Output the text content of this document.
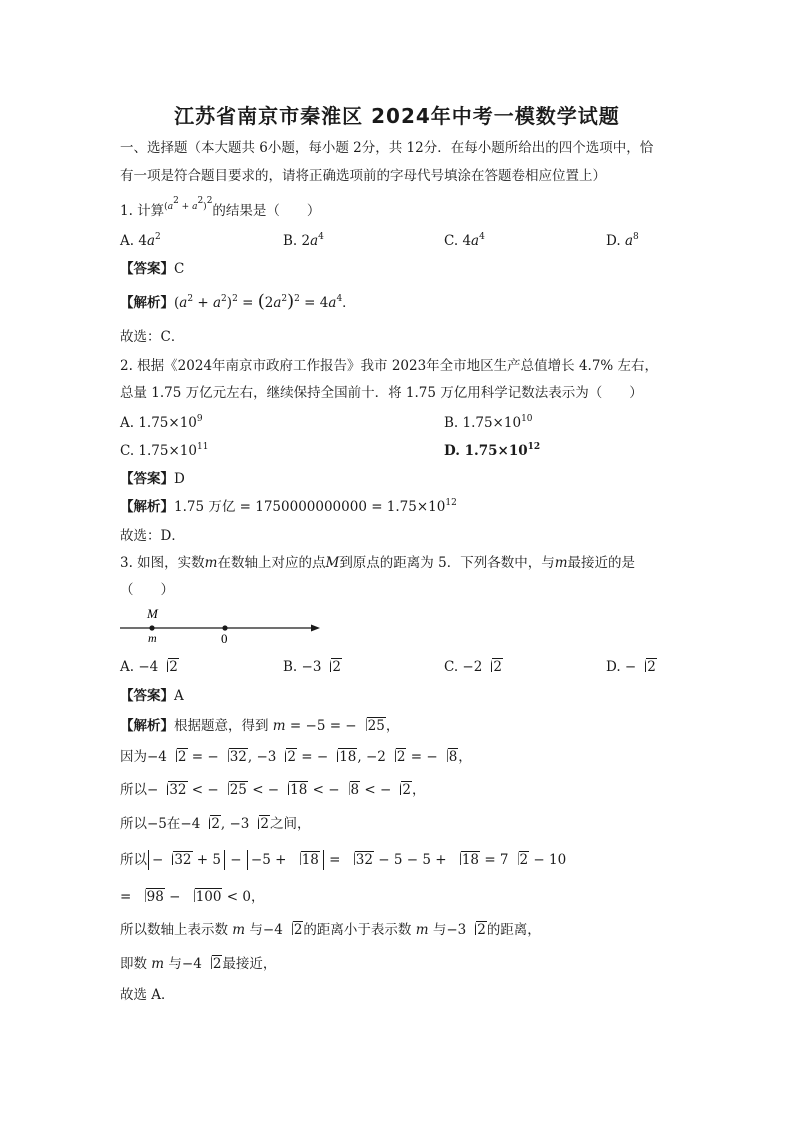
江苏省南京市秦淮区 2024年中考一模数学试题
一、选择题（本大题共 6小题，每小题 2分，共 12分．在每小题所给出的四个选项中，恰
有一项是符合题目要求的，请将正确选项前的字母代号填涂在答题卷相应位置上）
1. 计算$^{(a^2 + a^2)^2}$的结果是（　　）
A. $4a^2$	B. $2a^4$	C. $4a^4$	D. $a^8$
【答案】C
【解析】$(a^2 + a^2)^2 = (2a^2)^2 = 4a^4$．
故选：C．
2. 根据《2024年南京市政府工作报告》我市 2023年全市地区生产总值增长 4.7% 左右，
总量 1.75 万亿元左右，继续保持全国前十．将 1.75 万亿用科学记数法表示为（　　）
A. $1.75\times 10^9$	B. $1.75\times 10^{10}$
C. $1.75\times 10^{11}$	D. $1.75\times 10^{12}$
【答案】D
【解析】1.75 万亿 = $1750000000000 = 1.75\times 10^{12}$
故选：D．
3. 如图，实数m在数轴上对应的点M到原点的距离为 5．下列各数中，与m最接近的是
（　　）
M
m	0
A. −4 2	B. −3 2	C. −2 2	D. − 2
【答案】A
【解析】根据题意，得到 m = −5 = − 25，
因为−4 2 = − 32, −3 2 = − 18, −2 2 = − 8，
所以− 32 < − 25 < − 18 < − 8 < − 2，
所以−5在−4 2, −3 2之间，
所以 − 32 + 5 − −5 + 18 = 32 − 5 − 5 + 18 = 7 2 − 10
= 98 − 100 < 0，
所以数轴上表示数 m 与−4 2的距离小于表示数 m 与−3 2的距离，
即数 m 与−4 2最接近，
故选 A．
